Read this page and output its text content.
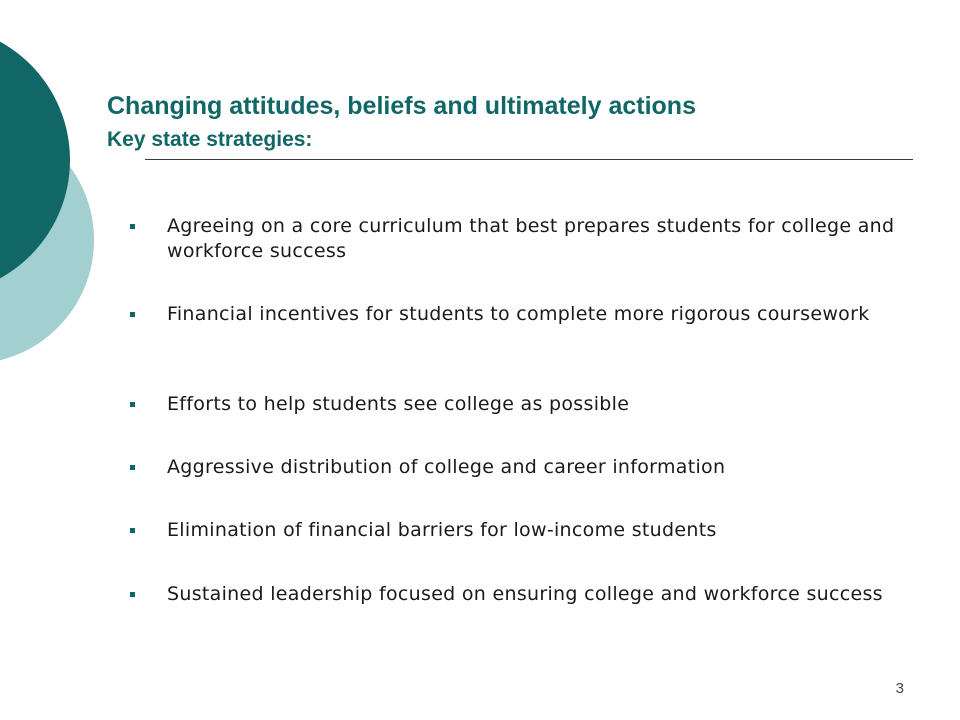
Changing attitudes, beliefs and ultimately actions
Key state strategies:
Agreeing on a core curriculum that best prepares students for college and workforce success
Financial incentives for students to complete more rigorous coursework
Efforts to help students see college as possible
Aggressive distribution of college and career information
Elimination of financial barriers for low-income students
Sustained leadership focused on ensuring college and workforce success
3
